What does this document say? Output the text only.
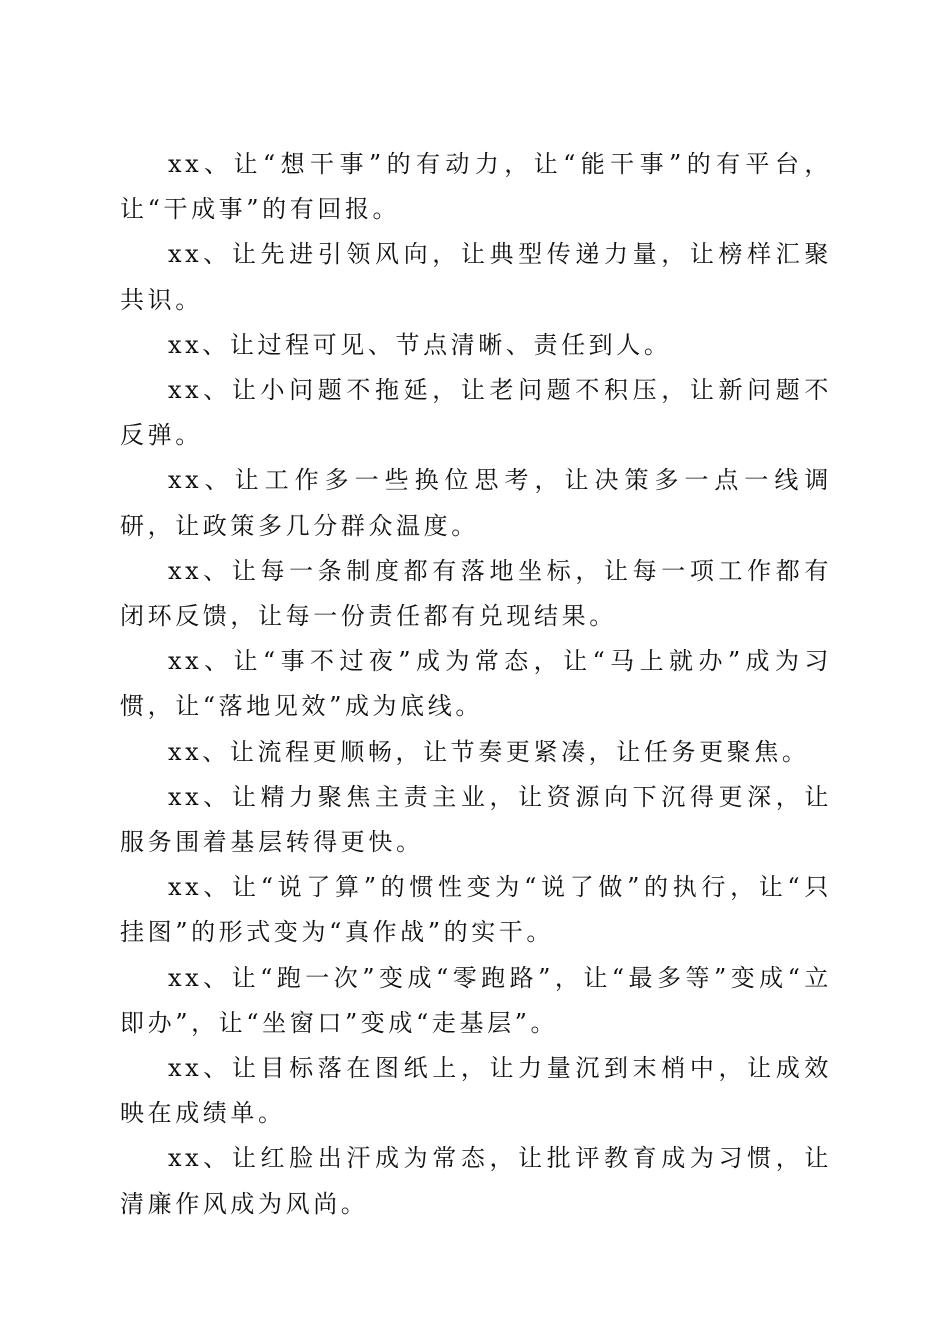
xx、让“想干事”的有动力，让“能干事”的有平台，让“干成事”的有回报。

xx、让先进引领风向，让典型传递力量，让榜样汇聚共识。

xx、让过程可见、节点清晰、责任到人。

xx、让小问题不拖延，让老问题不积压，让新问题不反弹。

xx、让工作多一些换位思考，让决策多一点一线调研，让政策多几分群众温度。

xx、让每一条制度都有落地坐标，让每一项工作都有闭环反馈，让每一份责任都有兑现结果。

xx、让“事不过夜”成为常态，让“马上就办”成为习惯，让“落地见效”成为底线。

xx、让流程更顺畅，让节奏更紧凑，让任务更聚焦。

xx、让精力聚焦主责主业，让资源向下沉得更深，让服务围着基层转得更快。

xx、让“说了算”的惯性变为“说了做”的执行，让“只挂图”的形式变为“真作战”的实干。

xx、让“跑一次”变成“零跑路”，让“最多等”变成“立即办”，让“坐窗口”变成“走基层”。

xx、让目标落在图纸上，让力量沉到末梢中，让成效映在成绩单。

xx、让红脸出汗成为常态，让批评教育成为习惯，让清廉作风成为风尚。
